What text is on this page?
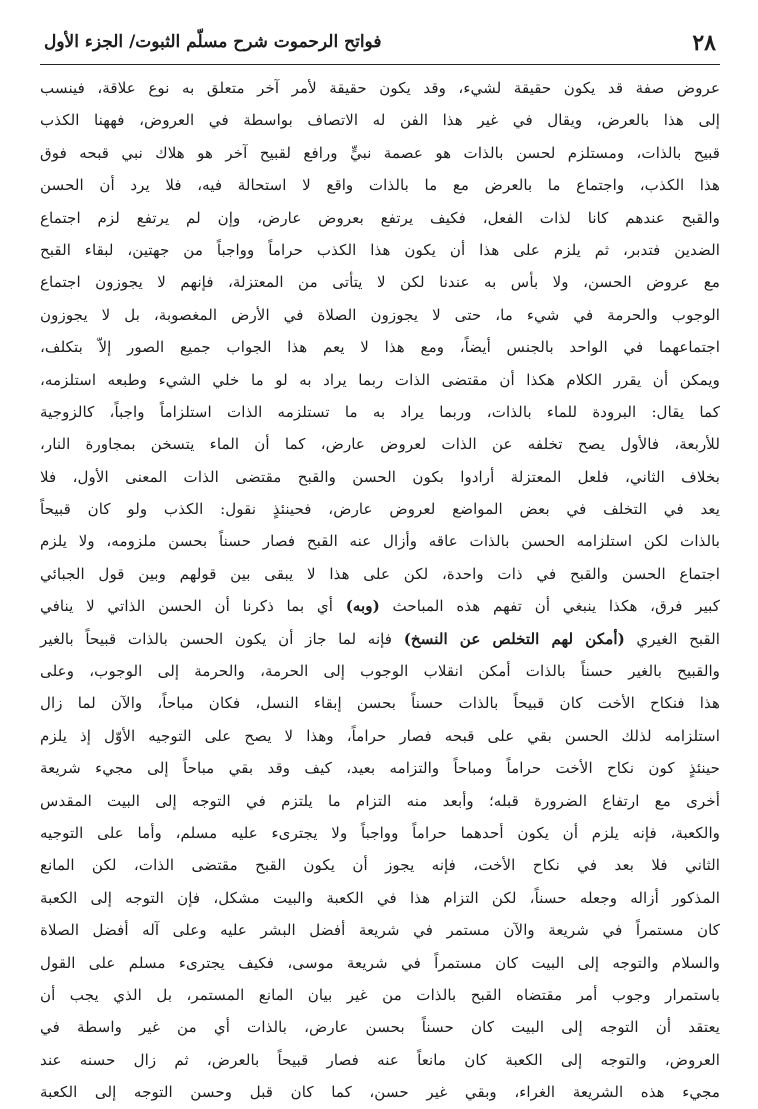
٢٨
فواتح الرحموت شرح مسلّم الثبوت/ الجزء الأول
عروض صفة قد يكون حقيقة لشيء، وقد يكون حقيقة لأمر آخر متعلق به نوع علاقة، فينسب
إلى هذا بالعرض، ويقال في غير هذا الفن له الاتصاف بواسطة في العروض، فههنا الكذب
قبيح بالذات، ومستلزم لحسن بالذات هو عصمة نبيٍّ ورافع لقبيح آخر هو هلاك نبي قبحه فوق
هذا الكذب، واجتماع ما بالعرض مع ما بالذات واقع لا استحالة فيه، فلا يرد أن الحسن
والقبح عندهم كانا لذات الفعل، فكيف يرتفع بعروض عارض، وإن لم يرتفع لزم اجتماع
الضدين فتدبر، ثم يلزم على هذا أن يكون هذا الكذب حراماً وواجباً من جهتين، لبقاء القبح
مع عروض الحسن، ولا بأس به عندنا لكن لا يتأتى من المعتزلة، فإنهم لا يجوزون اجتماع
الوجوب والحرمة في شيء ما، حتى لا يجوزون الصلاة في الأرض المغصوبة، بل لا يجوزون
اجتماعهما في الواحد بالجنس أيضاً، ومع هذا لا يعم هذا الجواب جميع الصور إلاّ بتكلف،
ويمكن أن يقرر الكلام هكذا أن مقتضى الذات ربما يراد به لو ما خلي الشيء وطبعه استلزمه،
كما يقال: البرودة للماء بالذات، وربما يراد به ما تستلزمه الذات استلزاماً واجباً، كالزوجية
للأربعة، فالأول يصح تخلفه عن الذات لعروض عارض، كما أن الماء يتسخن بمجاورة النار،
بخلاف الثاني، فلعل المعتزلة أرادوا بكون الحسن والقبح مقتضى الذات المعنى الأول، فلا
يعد في التخلف في بعض المواضع لعروض عارض، فحينئذٍ نقول: الكذب ولو كان قبيحاً
بالذات لكن استلزامه الحسن بالذات عاقه وأزال عنه القبح فصار حسناً بحسن ملزومه، ولا يلزم
اجتماع الحسن والقبح في ذات واحدة، لكن على هذا لا يبقى بين قولهم وبين قول الجبائي
كبير فرق، هكذا ينبغي أن تفهم هذه المباحث (وبه) أي بما ذكرنا أن الحسن الذاتي لا ينافي
القبح الغيري (أمكن لهم التخلص عن النسخ) فإنه لما جاز أن يكون الحسن بالذات قبيحاً بالغير
والقبيح بالغير حسناً بالذات أمكن انقلاب الوجوب إلى الحرمة، والحرمة إلى الوجوب، وعلى
هذا فنكاح الأخت كان قبيحاً بالذات حسناً بحسن إبقاء النسل، فكان مباحاً، والآن لما زال
استلزامه لذلك الحسن بقي على قبحه فصار حراماً، وهذا لا يصح على التوجيه الأوّل إذ يلزم
حينئذٍ كون نكاح الأخت حراماً ومباحاً والتزامه بعيد، كيف وقد بقي مباحاً إلى مجيء شريعة
أخرى مع ارتفاع الضرورة قبله؛ وأبعد منه التزام ما يلتزم في التوجه إلى البيت المقدس
والكعبة، فإنه يلزم أن يكون أحدهما حراماً وواجباً ولا يجترىء عليه مسلم، وأما على التوجيه
الثاني فلا بعد في نكاح الأخت، فإنه يجوز أن يكون القبح مقتضى الذات، لكن المانع
المذكور أزاله وجعله حسناً، لكن التزام هذا في الكعبة والبيت مشكل، فإن التوجه إلى الكعبة
كان مستمراً في شريعة والآن مستمر في شريعة أفضل البشر عليه وعلى آله أفضل الصلاة
والسلام والتوجه إلى البيت كان مستمراً في شريعة موسى، فكيف يجترىء مسلم على القول
باستمرار وجوب أمر مقتضاه القبح بالذات من غير بيان المانع المستمر، بل الذي يجب أن
يعتقد أن التوجه إلى البيت كان حسناً بحسن عارض، بالذات أي من غير واسطة في
العروض، والتوجه إلى الكعبة كان مانعاً عنه فصار قبيحاً بالعرض، ثم زال حسنه عند
مجيء هذه الشريعة الغراء، وبقي غير حسن، كما كان قبل وحسن التوجه إلى الكعبة
